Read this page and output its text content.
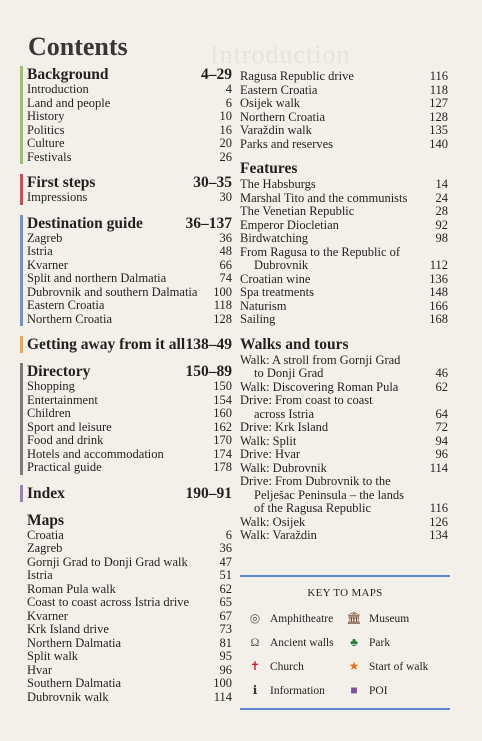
Introduction
Contents
Background	4–29
Introduction	4
Land and people	6
History	10
Politics	16
Culture	20
Festivals	26
First steps	30–35
Impressions	30
Destination guide	36–137
Zagreb	36
Istria	48
Kvarner	66
Split and northern Dalmatia	74
Dubrovnik and southern Dalmatia 100
Eastern Croatia	118
Northern Croatia	128
Getting away from it all 138–49
Directory	150–89
Shopping	150
Entertainment	154
Children	160
Sport and leisure	162
Food and drink	170
Hotels and accommodation	174
Practical guide	178
Index	190–91
Maps
Croatia	6
Zagreb	36
Gornji Grad to Donji Grad walk	47
Istria	51
Roman Pula walk	62
Coast to coast across Istria drive	65
Kvarner	67
Krk Island drive	73
Northern Dalmatia	81
Split walk	95
Hvar	96
Southern Dalmatia	100
Dubrovnik walk	114
Ragusa Republic drive	116
Eastern Croatia	118
Osijek walk	127
Northern Croatia	128
Varaždin walk	135
Parks and reserves	140
Features
The Habsburgs	14
Marshal Tito and the communists	24
The Venetian Republic	28
Emperor Diocletian	92
Birdwatching	98
From Ragusa to the Republic of
Dubrovnik	112
Croatian wine	136
Spa treatments	148
Naturism	166
Sailing	168
Walks and tours
Walk: A stroll from Gornji Grad
to Donji Grad	46
Walk: Discovering Roman Pula	62
Drive: From coast to coast
across Istria	64
Drive: Krk Island	72
Walk: Split	94
Drive: Hvar	96
Walk: Dubrovnik	114
Drive: From Dubrovnik to the
Pelješac Peninsula – the lands
of the Ragusa Republic	116
Walk: Osijek	126
Walk: Varaždin	134
KEY TO MAPS
◎ Amphitheatre 🏛 Museum
Ω Ancient walls	♣ Park
✝ Church	★ Start of walk
ℹ	Information	■ POI
